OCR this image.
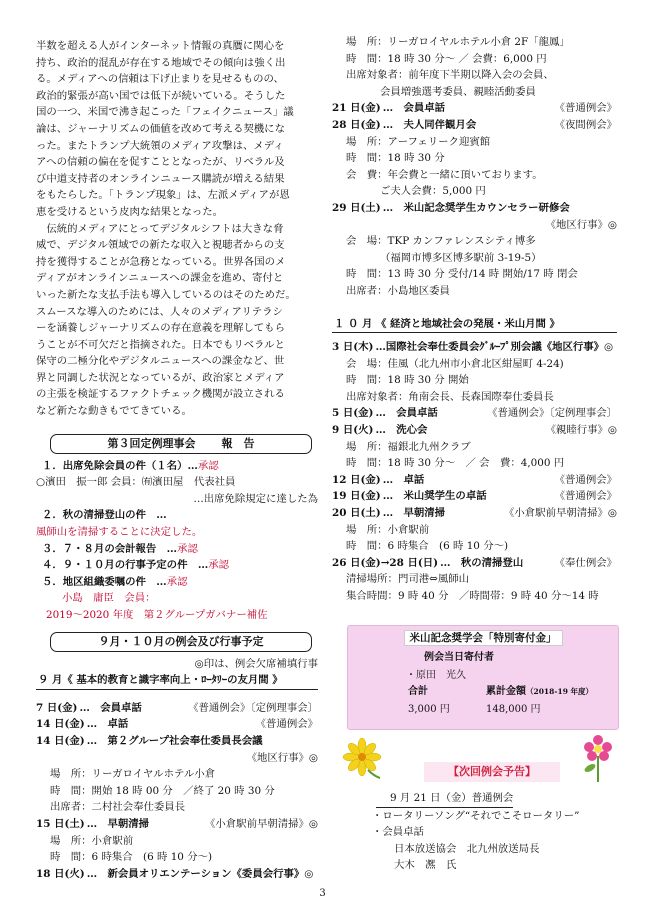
半数を超える人がインターネット情報の真贋に関心を
持ち、政治的混乱が存在する地域でその傾向は強く出
る。メディアへの信頼は下げ止まりを見せるものの、
政治的緊張が高い国では低下が続いている。そうした
国の一つ、米国で沸き起こった「フェイクニュース」議
論は、ジャーナリズムの価値を改めて考える契機にな
った。またトランプ大統領のメディア攻撃は、メディ
アへの信頼の偏在を促すこととなったが、リベラル及
び中道支持者のオンラインニュース購読が増える結果
をもたらした。「トランプ現象」は、左派メディアが恩
恵を受けるという皮肉な結果となった。
　伝統的メディアにとってデジタルシフトは大きな脅
威で、デジタル領域での新たな収入と視聴者からの支
持を獲得することが急務となっている。世界各国のメ
ディアがオンラインニュースへの課金を進め、寄付と
いった新たな支払手法も導入しているのはそのためだ。
スムースな導入のためには、人々のメディアリテラシ
ーを涵養しジャーナリズムの存在意義を理解してもら
うことが不可欠だと指摘された。日本でもリベラルと
保守の二極分化やデジタルニュースへの課金など、世
界と同調した状況となっているが、政治家とメディア
の主張を検証するファクトチェック機関が設立される
など新たな動きもでてきている。
第３回定例理事会 報　告
１．出席免除会員の件（１名）…承認
○濱田　振一郎 会員：㈲濱田屋　代表社員
…出席免除規定に達した為
２．秋の清掃登山の件　…
風師山を清掃することに決定した。
３．７・８月の会計報告　…承認
４．９・１０月の行事予定の件　…承認
５．地区組織委嘱の件　…承認
小島　庸臣　会員：
2019～2020 年度　第２グループガバナー補佐
９月・１０月の例会及び行事予定
◎印は、例会欠席補填行事
９ 月《 基本的教育と識字率向上・ﾛｰﾀﾘｰの友月間 》
7 日(金) …　会員卓話	《普通例会》〔定例理事会〕
14 日(金) …　卓話	《普通例会》
14 日(金) …　第２グループ社会奉仕委員長会議
《地区行事》◎
場　所：リーガロイヤルホテル小倉
時　間：開始 18 時 00 分　／終了 20 時 30 分
出席者：二村社会奉仕委員長
15 日(土) …　早朝清掃	《小倉駅前早朝清掃》◎
場　所：小倉駅前
時　間：6 時集合　(6 時 10 分～)
18 日(火) …　新会員オリエンテーション《委員会行事》◎
場　所：リーガロイヤルホテル小倉 2F「龍鳳」
時　間：18 時 30 分～ ／ 会費：6,000 円
出席対象者：前年度下半期以降入会の会員、
会員増強選考委員、親睦活動委員
21 日(金) …　会員卓話	《普通例会》
28 日(金) …　夫人同伴観月会	《夜間例会》
場　所：アーフェリーク迎賓館
時　間：18 時 30 分
会　費：年会費と一緒に頂いております。
ご夫人会費：5,000 円
29 日(土) …　米山記念奨学生カウンセラー研修会
《地区行事》◎
会　場：TKP カンファレンスシティ博多
（福岡市博多区博多駅前 3-19-5）
時　間：13 時 30 分 受付/14 時 開始/17 時 閉会
出席者：小島地区委員
１ ０ 月 《 経済と地域社会の発展・米山月間 》
3 日(木) …国際社会奉仕委員会ｸﾞﾙｰﾌﾟ別会議《地区行事》◎
会　場：佳風（北九州市小倉北区紺屋町 4-24)
時　間：18 時 30 分 開始
出席対象者：角南会長、長森国際奉仕委員長
5 日(金) …　会員卓話	《普通例会》〔定例理事会〕
9 日(火) …　洗心会	《親睦行事》◎
場　所：福銀北九州クラブ
時　間：18 時 30 分～　／ 会　費：4,000 円
12 日(金) …　卓話	《普通例会》
19 日(金) …　米山奨学生の卓話	《普通例会》
20 日(土) …　早朝清掃	《小倉駅前早朝清掃》◎
場　所：小倉駅前
時　間：6 時集合　(6 時 10 分～)
26 日(金)→28 日(日) …　秋の清掃登山	《奉仕例会》
清掃場所：門司港⇔風師山
集合時間：9 時 40 分　／時間帯：9 時 40 分～14 時
米山記念奨学会「特別寄付金」
例会当日寄付者
・原田　光久
合計	累計金額（2018-19 年度）
3,000 円	148,000 円
【次回例会予告】
9 月 21 日（金）普通例会
・ロータリーソング“それでこそロータリー”
・会員卓話
日本放送協会　北九州放送局長
大木　凞　氏
3
